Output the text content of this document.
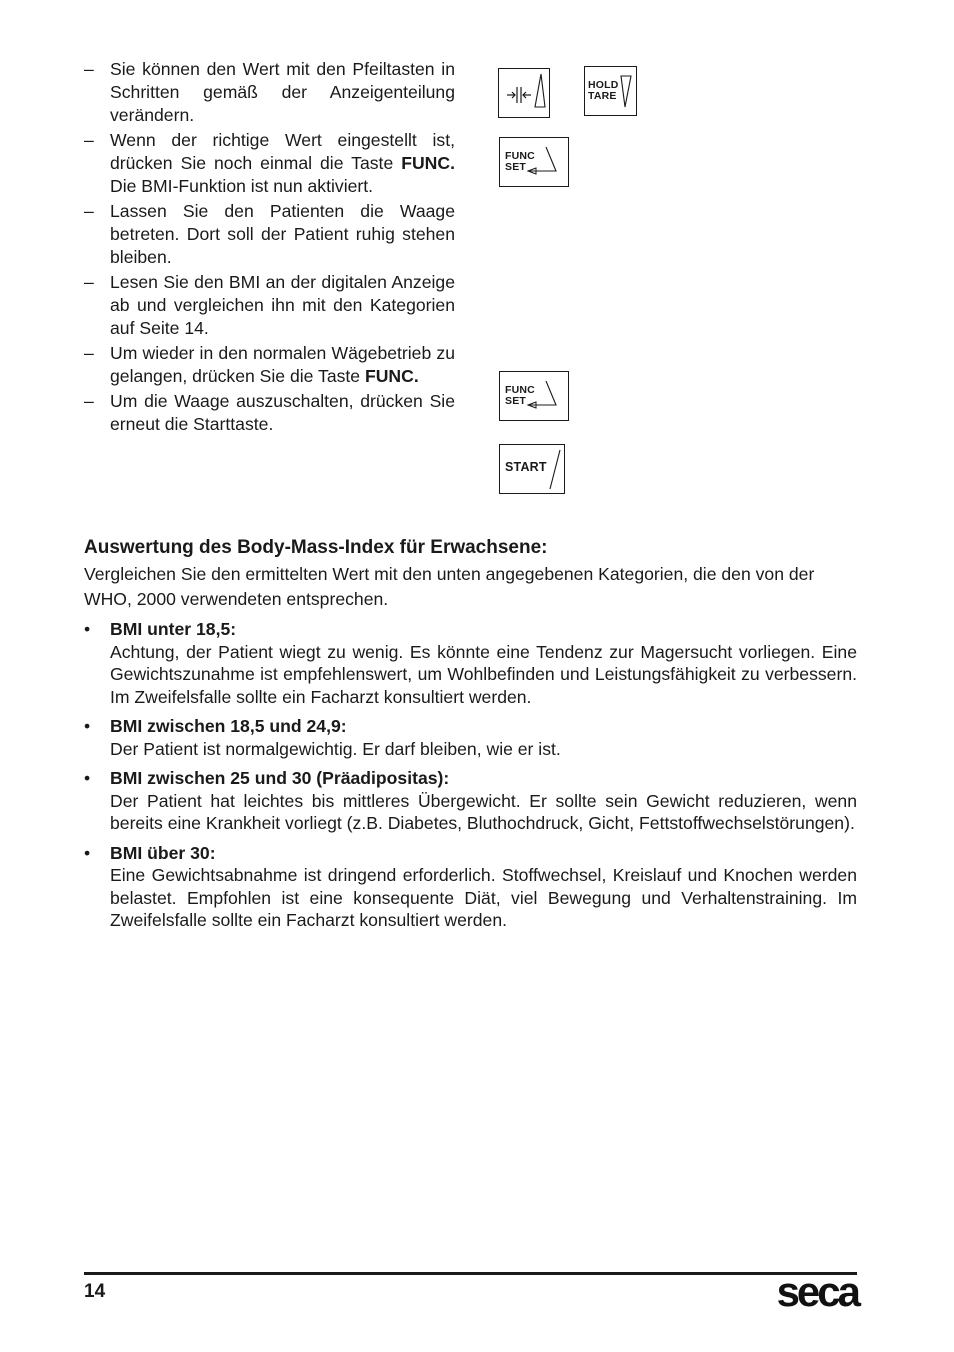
– Sie können den Wert mit den Pfeiltasten in Schritten gemäß der Anzeigenteilung verändern.
– Wenn der richtige Wert eingestellt ist, drücken Sie noch einmal die Taste FUNC. Die BMI-Funktion ist nun aktiviert.
– Lassen Sie den Patienten die Waage betreten. Dort soll der Patient ruhig stehen bleiben.
– Lesen Sie den BMI an der digitalen Anzeige ab und vergleichen ihn mit den Kategorien auf Seite 14.
– Um wieder in den normalen Wägebetrieb zu gelangen, drücken Sie die Taste FUNC.
– Um die Waage auszuschalten, drücken Sie erneut die Starttaste.
HOLD
TARE
FUNC
SET
FUNC
SET
START
Auswertung des Body-Mass-Index für Erwachsene:

Vergleichen Sie den ermittelten Wert mit den unten angegebenen Kategorien, die den von der WHO, 2000 verwendeten entsprechen.

•	BMI unter 18,5:
Achtung, der Patient wiegt zu wenig. Es könnte eine Tendenz zur Magersucht vorliegen. Eine Gewichtszunahme ist empfehlenswert, um Wohlbefinden und Leistungsfähigkeit zu verbessern. Im Zweifelsfalle sollte ein Facharzt konsultiert werden.
•	BMI zwischen 18,5 und 24,9:
Der Patient ist normalgewichtig. Er darf bleiben, wie er ist.
•	BMI zwischen 25 und 30 (Präadipositas):
Der Patient hat leichtes bis mittleres Übergewicht. Er sollte sein Gewicht reduzieren, wenn bereits eine Krankheit vorliegt (z.B. Diabetes, Bluthochdruck, Gicht, Fettstoffwechselstörungen).
•	BMI über 30:
Eine Gewichtsabnahme ist dringend erforderlich. Stoffwechsel, Kreislauf und Knochen werden belastet. Empfohlen ist eine konsequente Diät, viel Bewegung und Verhaltenstraining. Im Zweifelsfalle sollte ein Facharzt konsultiert werden.
14	seca
